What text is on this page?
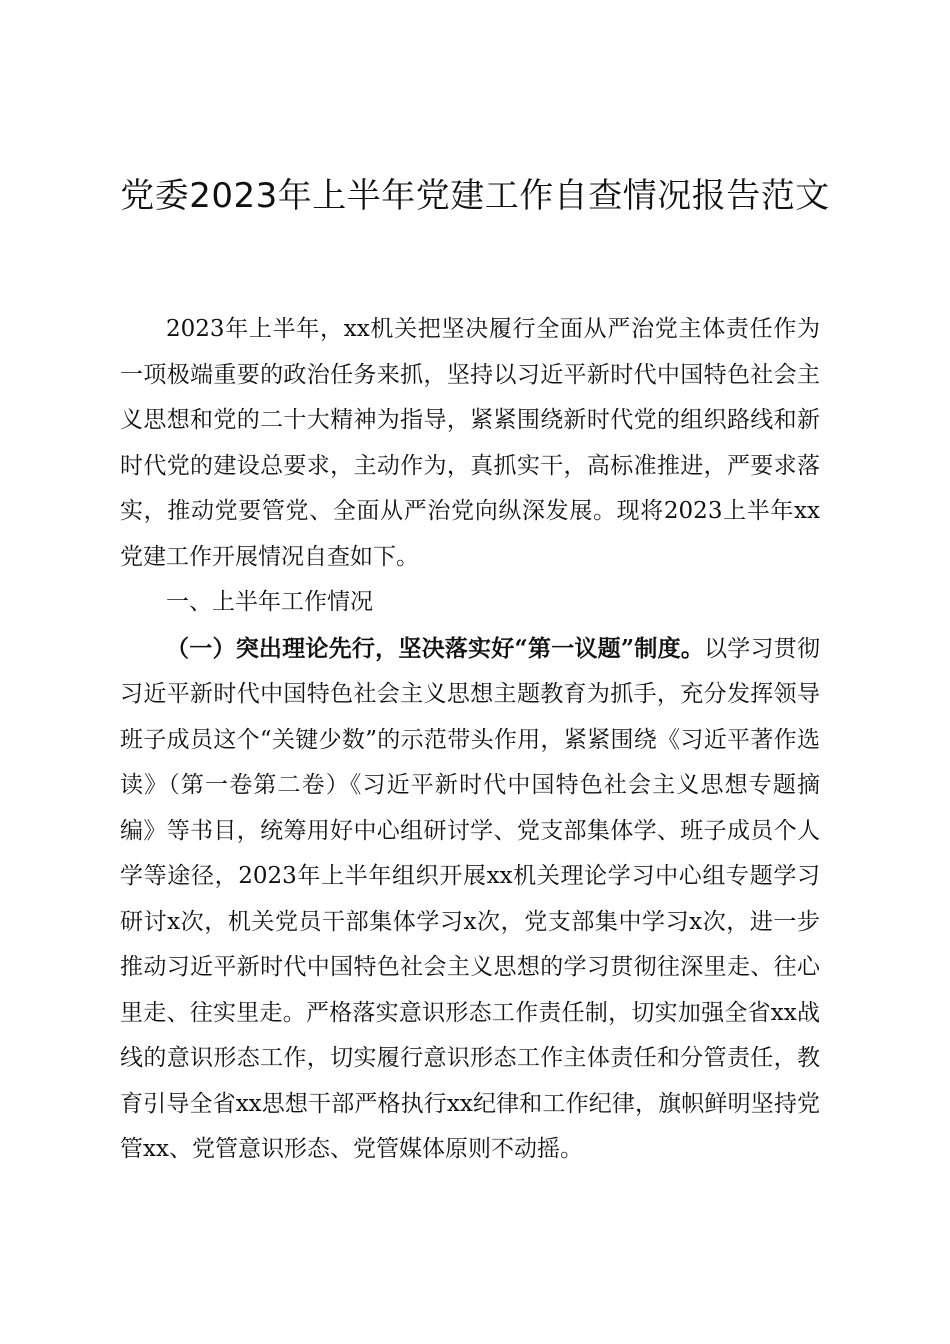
党委2023年上半年党建工作自查情况报告范文

2023年上半年，xx机关把坚决履行全面从严治党主体责任作为一项极端重要的政治任务来抓，坚持以习近平新时代中国特色社会主义思想和党的二十大精神为指导，紧紧围绕新时代党的组织路线和新时代党的建设总要求，主动作为，真抓实干，高标准推进，严要求落实，推动党要管党、全面从严治党向纵深发展。现将2023上半年xx党建工作开展情况自查如下。

一、上半年工作情况

（一）突出理论先行，坚决落实好“第一议题”制度。以学习贯彻习近平新时代中国特色社会主义思想主题教育为抓手，充分发挥领导班子成员这个“关键少数”的示范带头作用，紧紧围绕《习近平著作选读》（第一卷第二卷）《习近平新时代中国特色社会主义思想专题摘编》等书目，统筹用好中心组研讨学、党支部集体学、班子成员个人学等途径，2023年上半年组织开展xx机关理论学习中心组专题学习研讨x次，机关党员干部集体学习x次，党支部集中学习x次，进一步推动习近平新时代中国特色社会主义思想的学习贯彻往深里走、往心里走、往实里走。严格落实意识形态工作责任制，切实加强全省xx战线的意识形态工作，切实履行意识形态工作主体责任和分管责任，教育引导全省xx思想干部严格执行xx纪律和工作纪律，旗帜鲜明坚持党管xx、党管意识形态、党管媒体原则不动摇。
